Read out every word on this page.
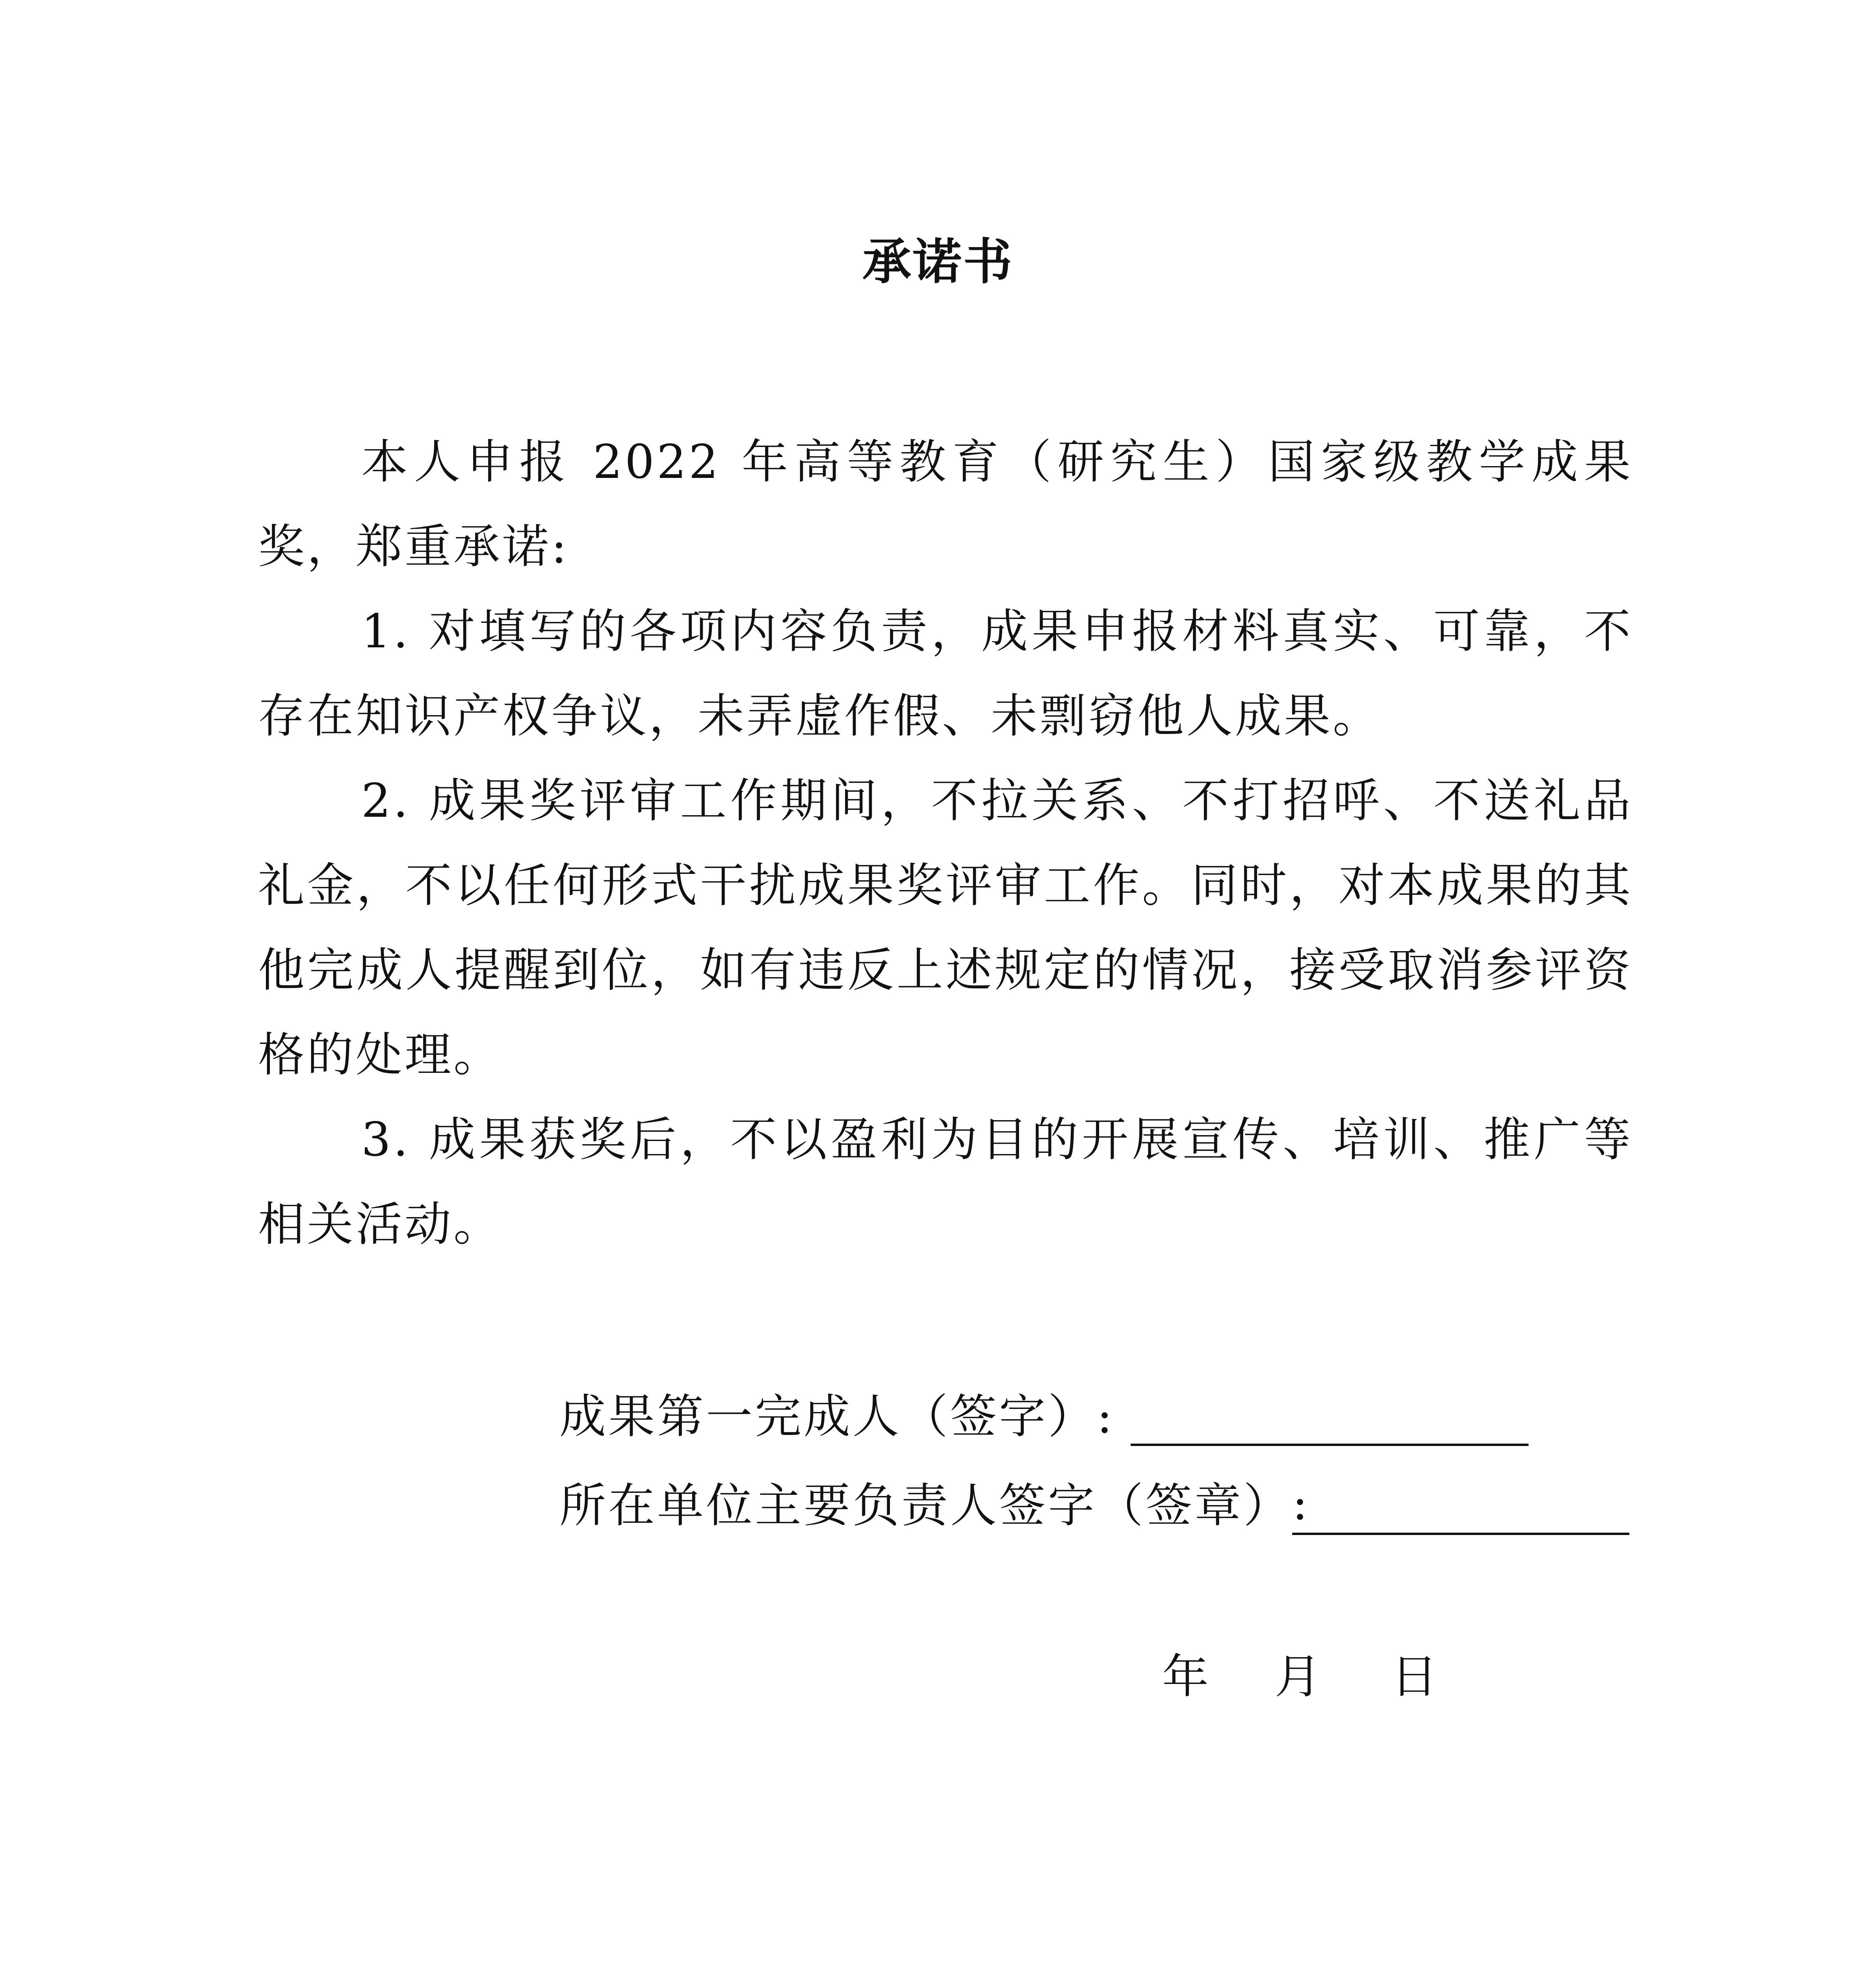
承诺书

本人申报 2022 年高等教育（研究生）国家级教学成果奖，郑重承诺:

1. 对填写的各项内容负责，成果申报材料真实、可靠，不存在知识产权争议，未弄虚作假、未剽窃他人成果。

2. 成果奖评审工作期间，不拉关系、不打招呼、不送礼品礼金，不以任何形式干扰成果奖评审工作。同时，对本成果的其他完成人提醒到位，如有违反上述规定的情况，接受取消参评资格的处理。

3. 成果获奖后，不以盈利为目的开展宣传、培训、推广等相关活动。

成果第一完成人（签字）:
所在单位主要负责人签字（签章） :
年 月 日
